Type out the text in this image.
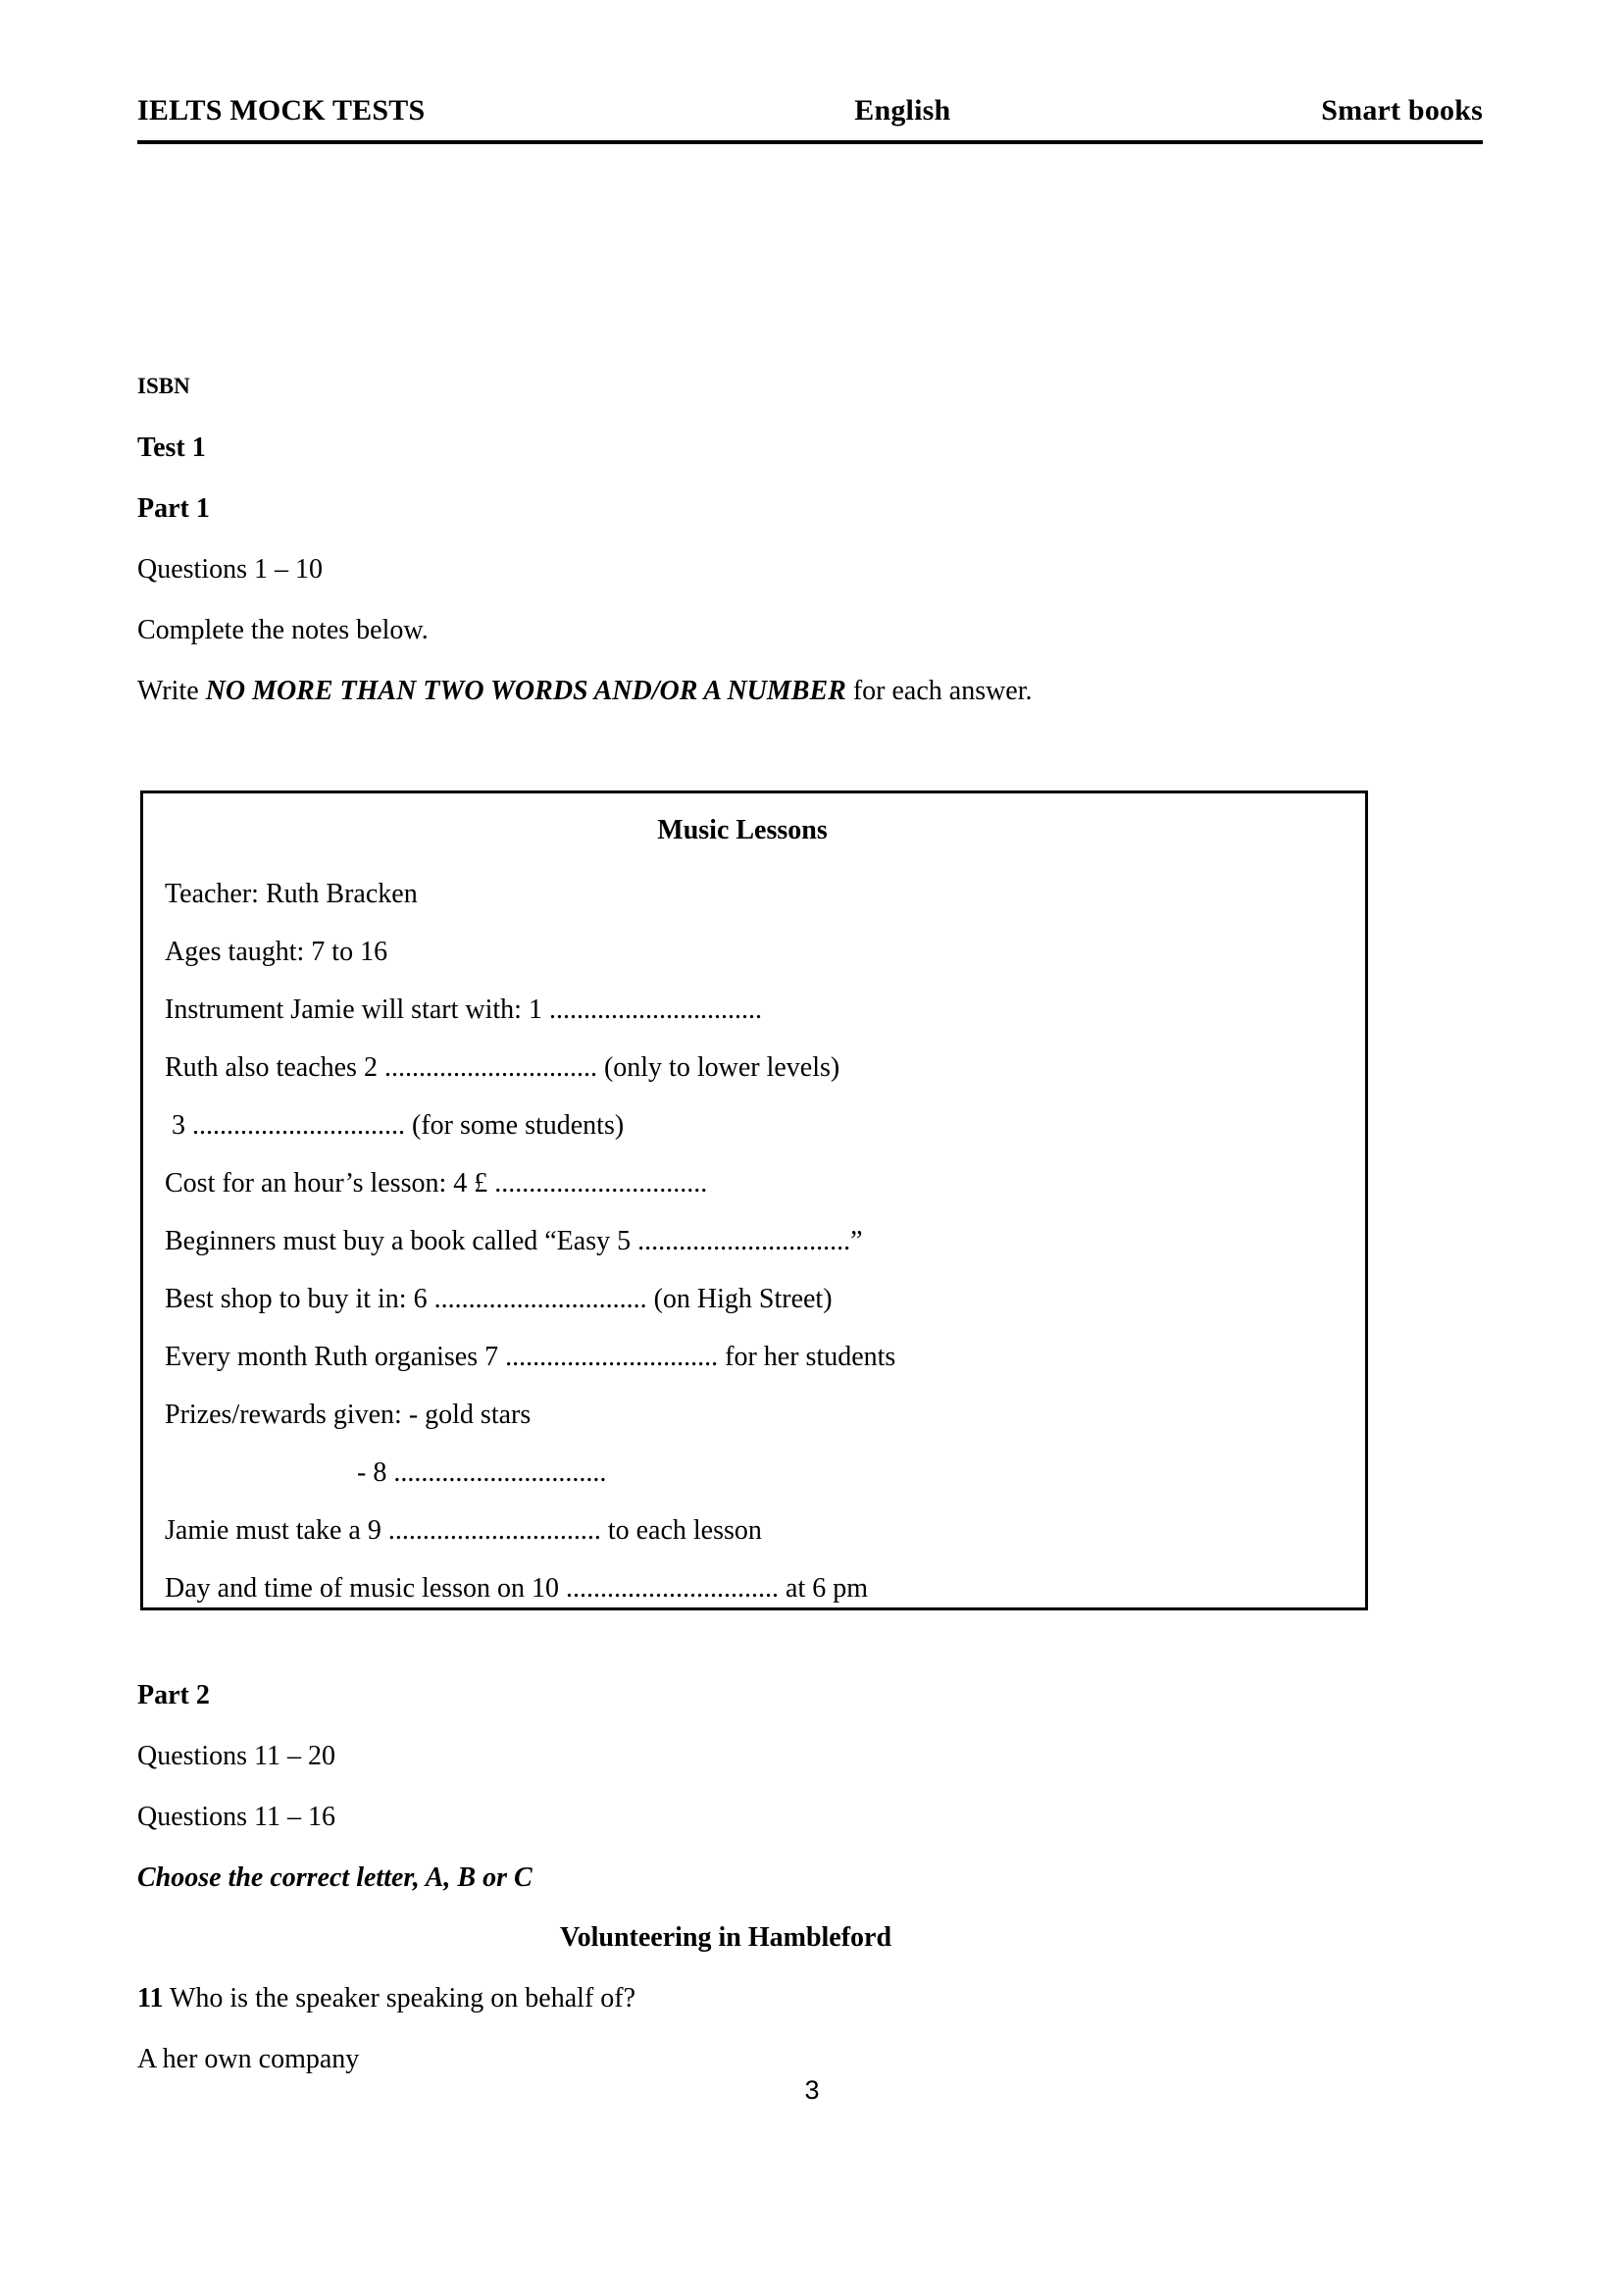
IELTS MOCK TESTS	English	Smart books

ISBN

Test 1

Part 1

Questions 1 – 10

Complete the notes below.

Write NO MORE THAN TWO WORDS AND/OR A NUMBER for each answer.

Music Lessons

Teacher: Ruth Bracken

Ages taught: 7 to 16

Instrument Jamie will start with: 1 ...............................

Ruth also teaches 2 ............................... (only to lower levels)

3 ............................... (for some students)

Cost for an hour’s lesson: 4 £ ...............................

Beginners must buy a book called “Easy 5 ...............................”

Best shop to buy it in: 6 ............................... (on High Street)

Every month Ruth organises 7 ............................... for her students

Prizes/rewards given: - gold stars

- 8 ...............................

Jamie must take a 9 ............................... to each lesson

Day and time of music lesson on 10 ............................... at 6 pm

Part 2

Questions 11 – 20

Questions 11 – 16

Choose the correct letter, A, B or C

Volunteering in Hambleford

11 Who is the speaker speaking on behalf of?

A her own company

3
